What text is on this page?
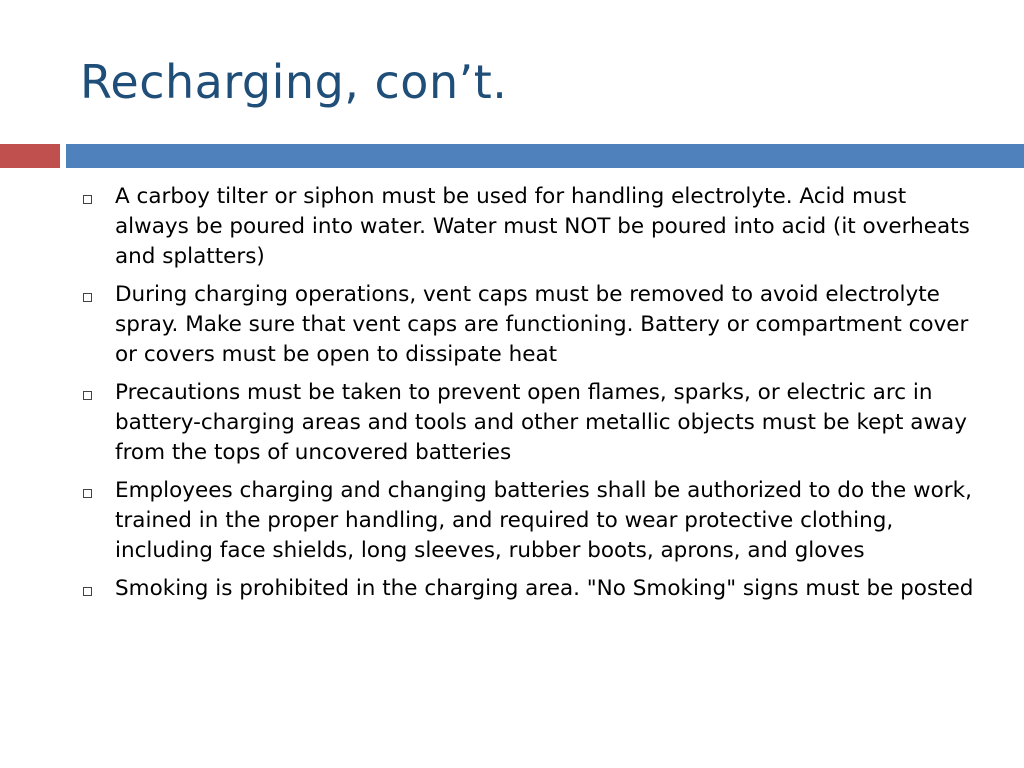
Recharging, con’t.
A carboy tilter or siphon must be used for handling electrolyte. Acid must always be poured into water. Water must NOT be poured into acid (it overheats and splatters)
During charging operations, vent caps must be removed to avoid electrolyte spray. Make sure that vent caps are functioning. Battery or compartment cover or covers must be open to dissipate heat
Precautions must be taken to prevent open flames, sparks, or electric arc in battery-charging areas and tools and other metallic objects must be kept away from the tops of uncovered batteries
Employees charging and changing batteries shall be authorized to do the work, trained in the proper handling, and required to wear protective clothing, including face shields, long sleeves, rubber boots, aprons, and gloves
Smoking is prohibited in the charging area. "No Smoking" signs must be posted
